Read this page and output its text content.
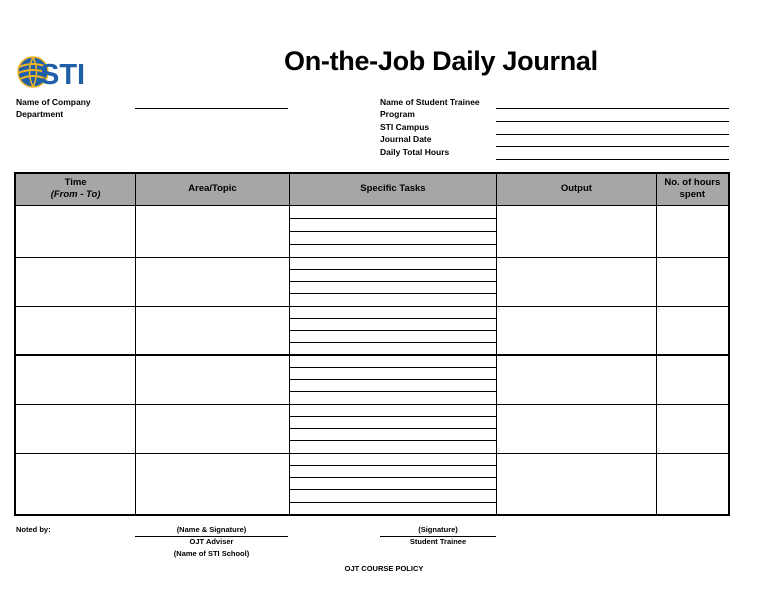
STI	On-the-Job Daily Journal
Name of Company
Department
Name of Student Trainee
Program
STI Campus
Journal Date
Daily Total Hours
Time
(From - To)	Area/Topic	Specific Tasks	Output	No. of hours spent

Noted by:	(Name & Signature)
OJT Adviser
(Name of STI School)
(Signature)
Student Trainee
OJT COURSE POLICY
